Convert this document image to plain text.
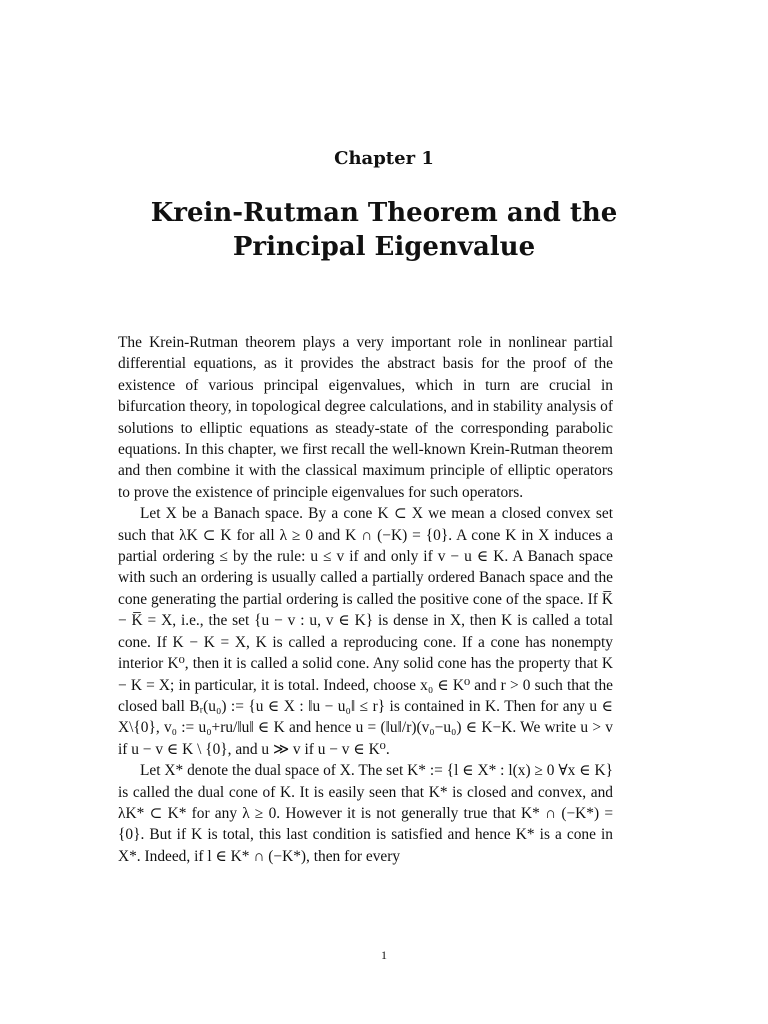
Chapter 1
Krein-Rutman Theorem and the
Principal Eigenvalue

The Krein-Rutman theorem plays a very important role in nonlinear partial differential equations, as it provides the abstract basis for the proof of the existence of various principal eigenvalues, which in turn are crucial in bifurcation theory, in topological degree calculations, and in stability analysis of solutions to elliptic equations as steady-state of the corresponding parabolic equations. In this chapter, we first recall the well-known Krein-Rutman theorem and then combine it with the classical maximum principle of elliptic operators to prove the existence of principle eigenvalues for such operators.

Let X be a Banach space. By a cone K ⊂ X we mean a closed convex set such that λK ⊂ K for all λ ≥ 0 and K ∩ (−K) = {0}. A cone K in X induces a partial ordering ≤ by the rule: u ≤ v if and only if v − u ∈ K. A Banach space with such an ordering is usually called a partially ordered Banach space and the cone generating the partial ordering is called the positive cone of the space. If K̅ − K̅ = X, i.e., the set {u − v : u, v ∈ K} is dense in X, then K is called a total cone. If K − K = X, K is called a reproducing cone. If a cone has nonempty interior K⁰, then it is called a solid cone. Any solid cone has the property that K − K = X; in particular, it is total. Indeed, choose x₀ ∈ K⁰ and r > 0 such that the closed ball Bᵣ(u₀) := {u ∈ X : ‖u − u₀‖ ≤ r} is contained in K. Then for any u ∈ X\{0}, v₀ := u₀+ru/‖u‖ ∈ K and hence u = (‖u‖/r)(v₀−u₀) ∈ K−K. We write u > v if u − v ∈ K \ {0}, and u ≫ v if u − v ∈ K⁰.

Let X* denote the dual space of X. The set K* := {l ∈ X* : l(x) ≥ 0 ∀x ∈ K} is called the dual cone of K. It is easily seen that K* is closed and convex, and λK* ⊂ K* for any λ ≥ 0. However it is not generally true that K* ∩ (−K*) = {0}. But if K is total, this last condition is satisfied and hence K* is a cone in X*. Indeed, if l ∈ K* ∩ (−K*), then for every

1
